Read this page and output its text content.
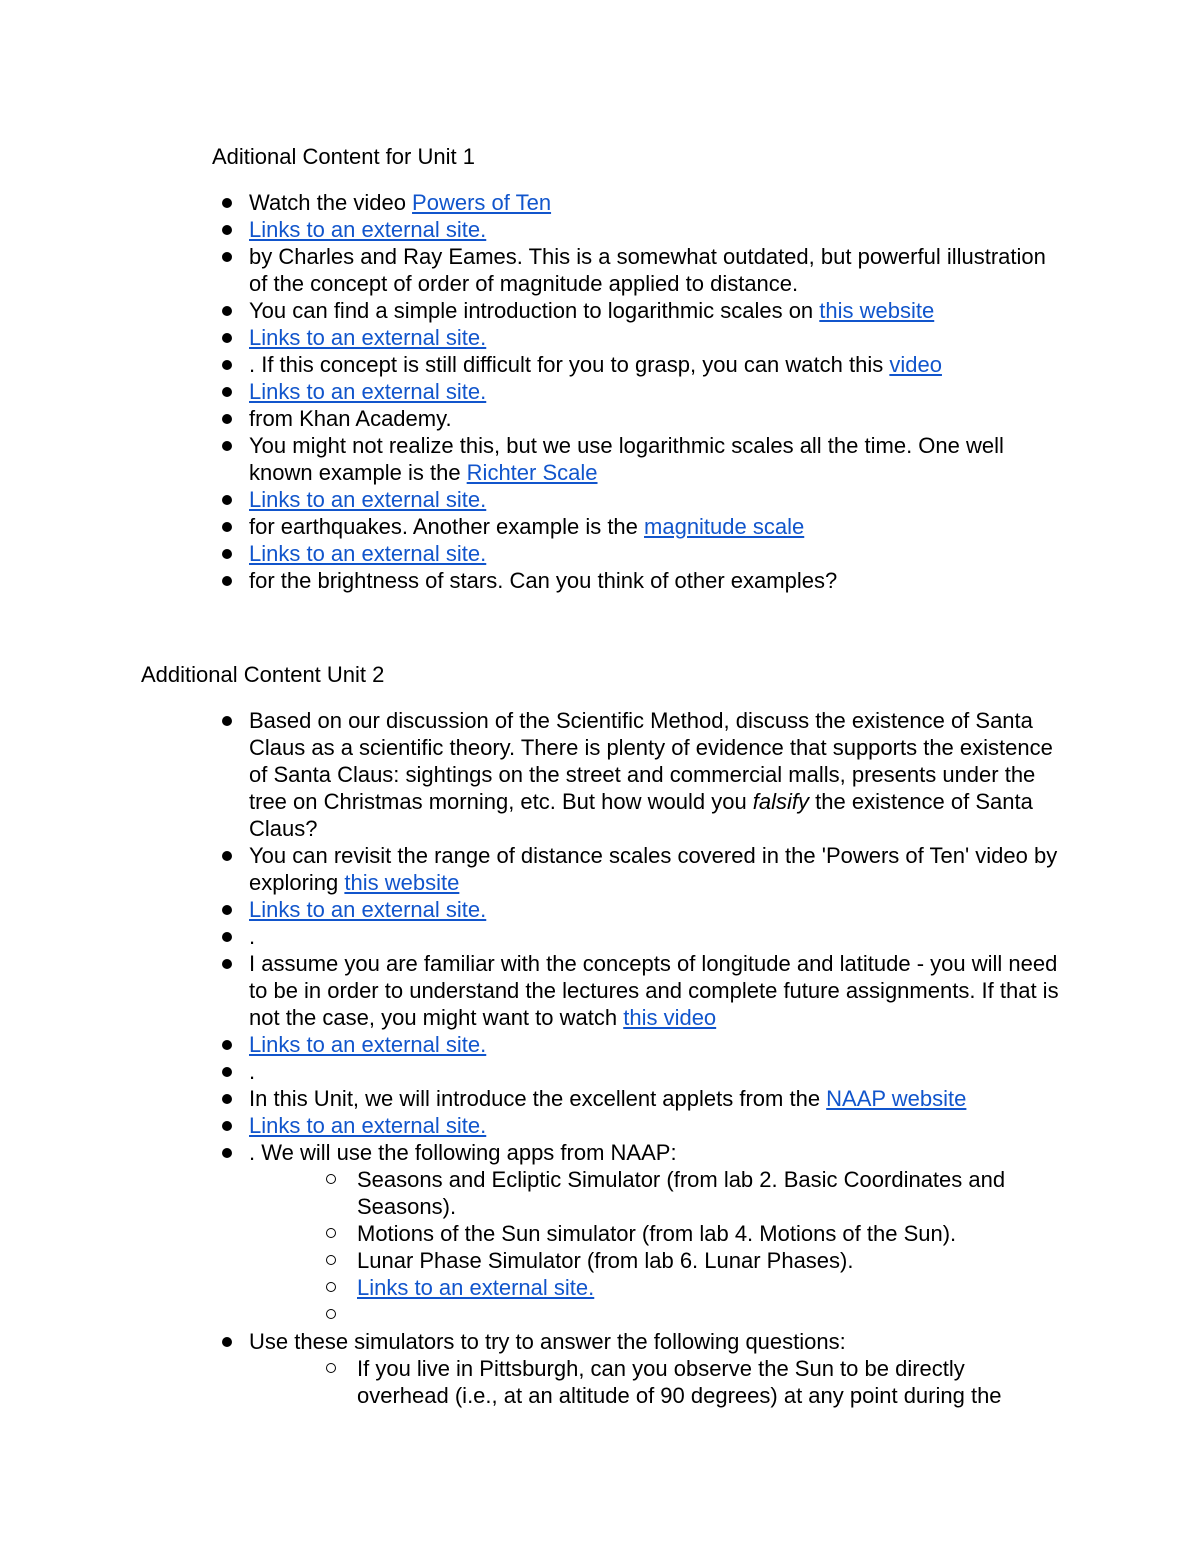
Aditional Content for Unit 1
Watch the video Powers of Ten
Links to an external site.
by Charles and Ray Eames. This is a somewhat outdated, but powerful illustration of the concept of order of magnitude applied to distance.
You can find a simple introduction to logarithmic scales on this website
Links to an external site.
. If this concept is still difficult for you to grasp, you can watch this video
Links to an external site.
from Khan Academy.
You might not realize this, but we use logarithmic scales all the time. One well known example is the Richter Scale
Links to an external site.
for earthquakes. Another example is the magnitude scale
Links to an external site.
for the brightness of stars. Can you think of other examples?
Additional Content Unit 2
Based on our discussion of the Scientific Method, discuss the existence of Santa Claus as a scientific theory. There is plenty of evidence that supports the existence of Santa Claus: sightings on the street and commercial malls, presents under the tree on Christmas morning, etc. But how would you falsify the existence of Santa Claus?
You can revisit the range of distance scales covered in the 'Powers of Ten' video by exploring this website
Links to an external site.
.
I assume you are familiar with the concepts of longitude and latitude - you will need to be in order to understand the lectures and complete future assignments. If that is not the case, you might want to watch this video
Links to an external site.
.
In this Unit, we will introduce the excellent applets from the NAAP website
Links to an external site.
. We will use the following apps from NAAP:
Seasons and Ecliptic Simulator (from lab 2. Basic Coordinates and Seasons).
Motions of the Sun simulator (from lab 4. Motions of the Sun).
Lunar Phase Simulator (from lab 6. Lunar Phases).
Links to an external site.
Use these simulators to try to answer the following questions:
If you live in Pittsburgh, can you observe the Sun to be directly overhead (i.e., at an altitude of 90 degrees) at any point during the
